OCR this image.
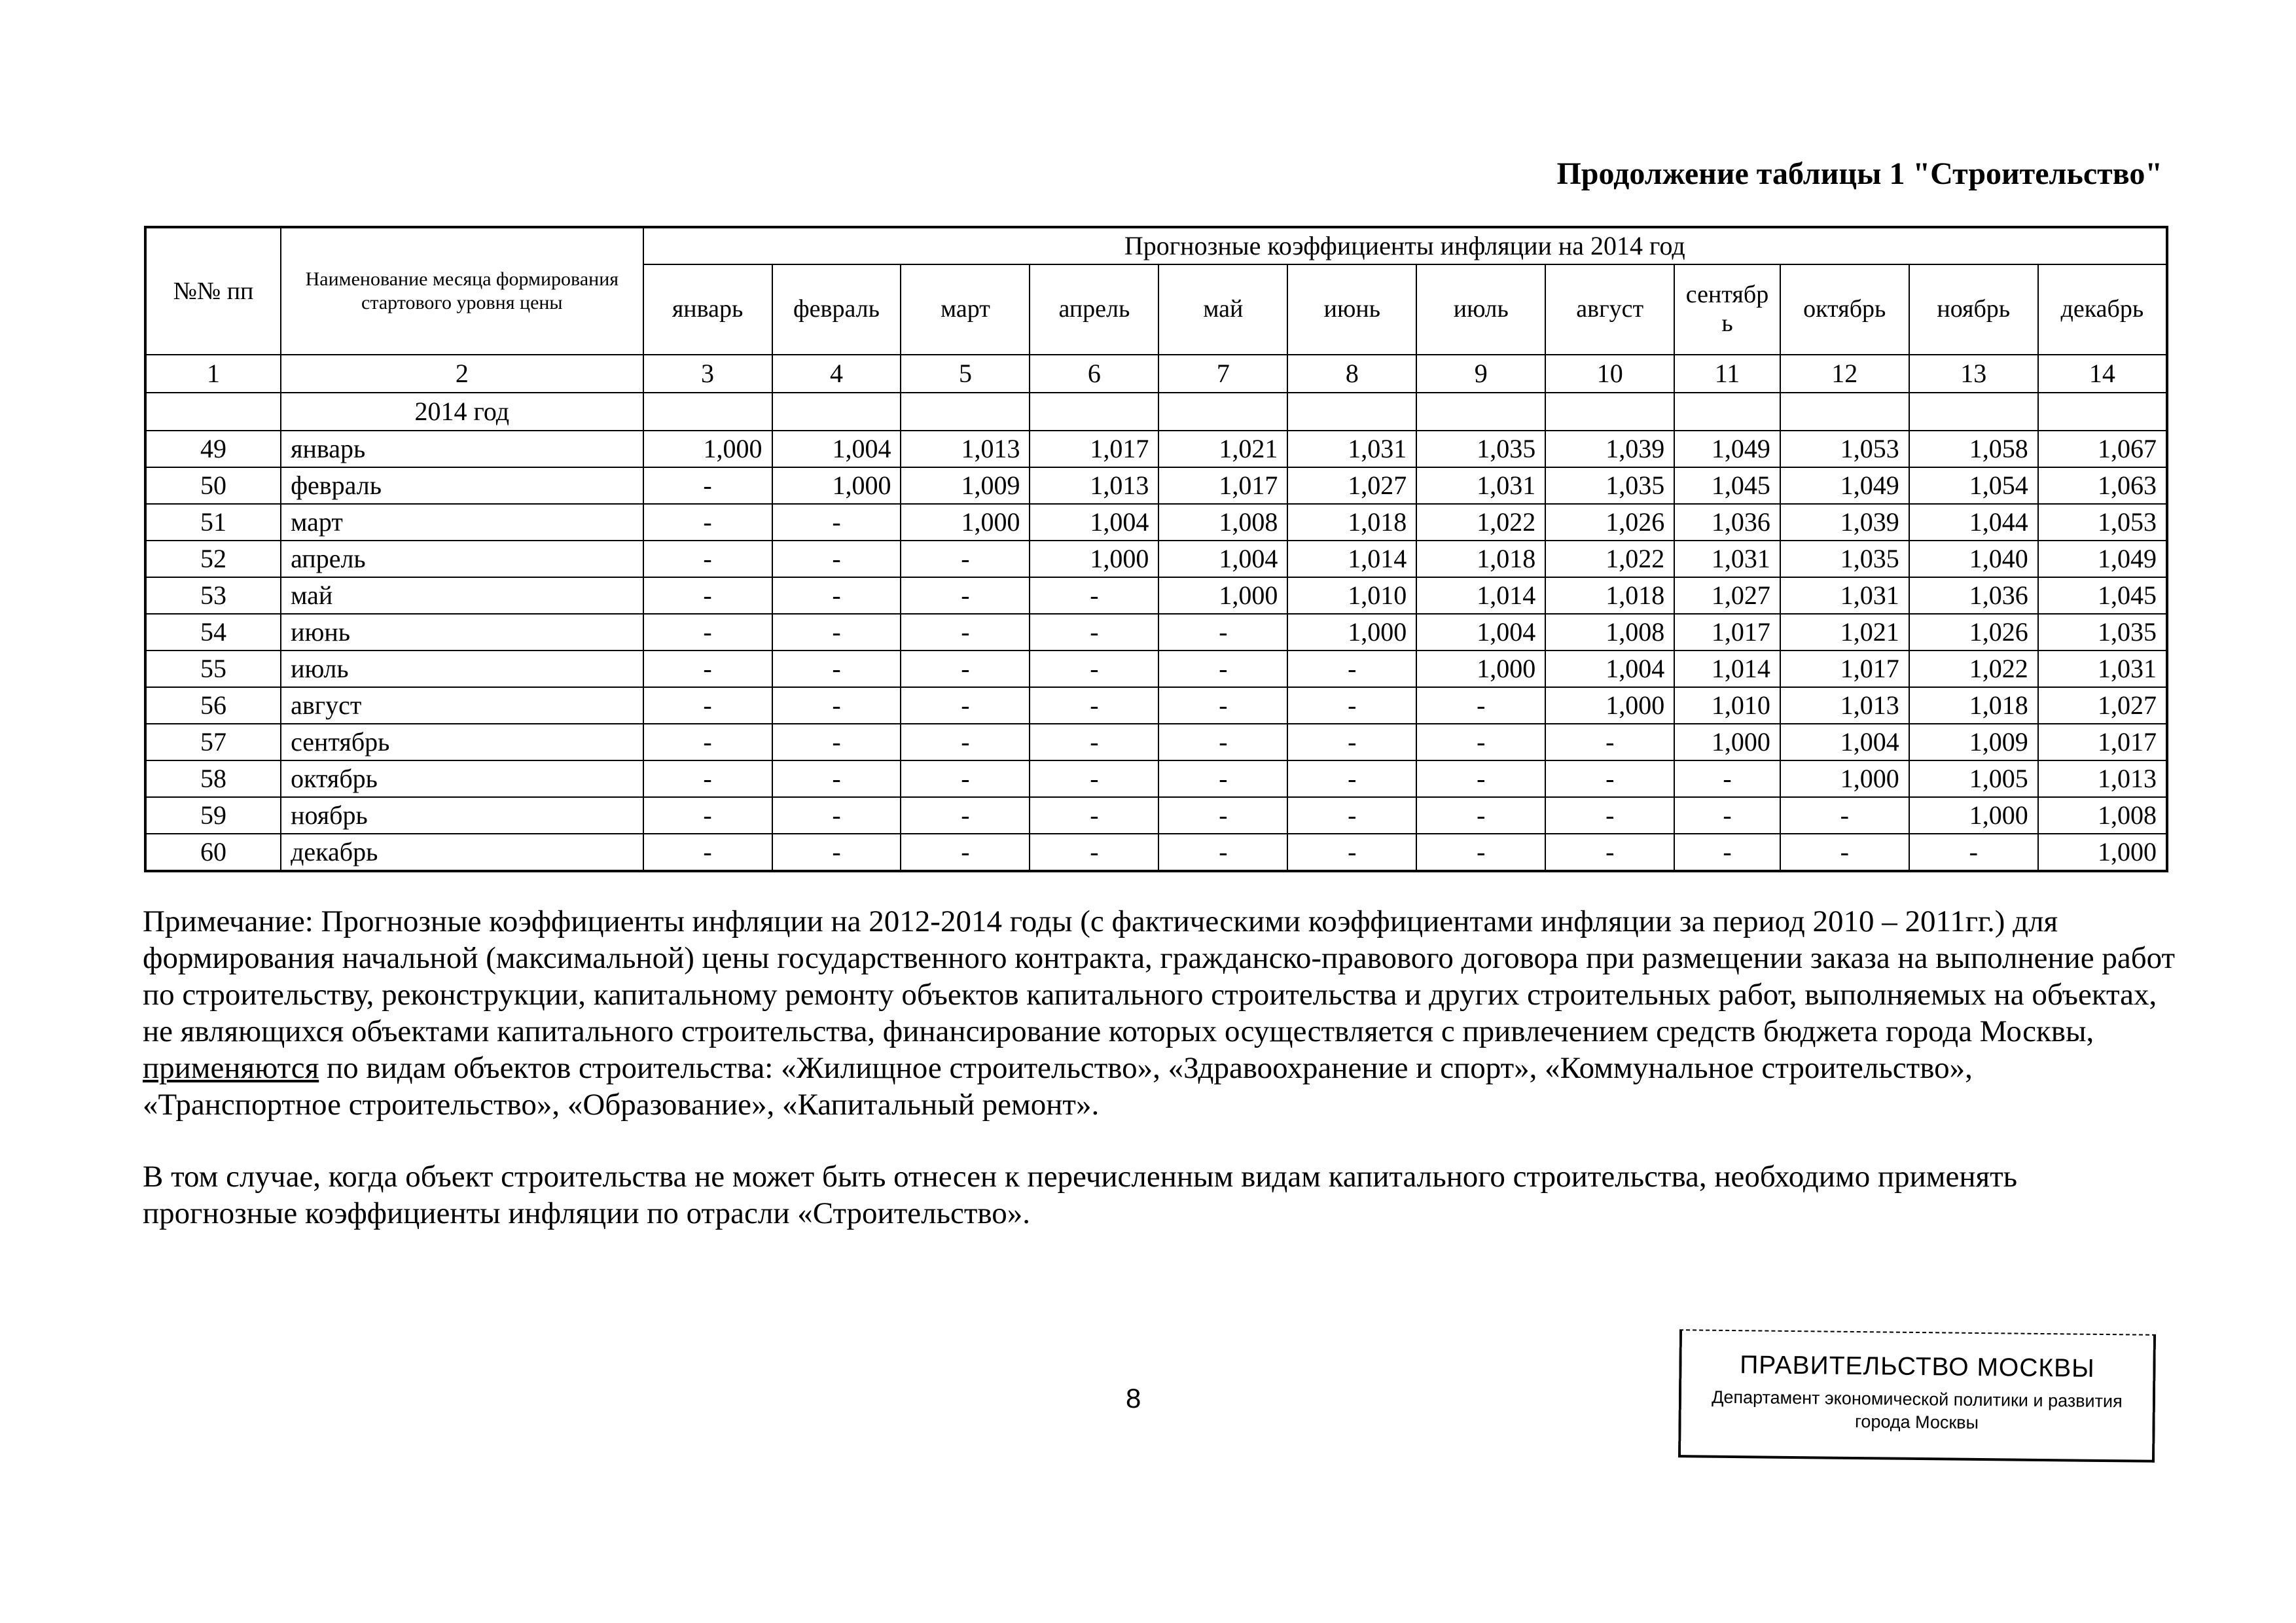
Продолжение таблицы 1 "Строительство"
№№ пп	Наименование месяца формирования стартового уровня цены	Прогнозные коэффициенты инфляции на 2014 год											
		январь	февраль	март	апрель	май	июнь	июль	август	сентябр ь	октябрь	ноябрь	декабрь
1	2	3	4	5	6	7	8	9	10	11	12	13	14
	2014 год												
49	январь	1,000	1,004	1,013	1,017	1,021	1,031	1,035	1,039	1,049	1,053	1,058	1,067
50	февраль	-	1,000	1,009	1,013	1,017	1,027	1,031	1,035	1,045	1,049	1,054	1,063
51	март	-	-	1,000	1,004	1,008	1,018	1,022	1,026	1,036	1,039	1,044	1,053
52	апрель	-	-	-	1,000	1,004	1,014	1,018	1,022	1,031	1,035	1,040	1,049
53	май	-	-	-	-	1,000	1,010	1,014	1,018	1,027	1,031	1,036	1,045
54	июнь	-	-	-	-	-	1,000	1,004	1,008	1,017	1,021	1,026	1,035
55	июль	-	-	-	-	-	-	1,000	1,004	1,014	1,017	1,022	1,031
56	август	-	-	-	-	-	-	-	1,000	1,010	1,013	1,018	1,027
57	сентябрь	-	-	-	-	-	-	-	-	1,000	1,004	1,009	1,017
58	октябрь	-	-	-	-	-	-	-	-	-	1,000	1,005	1,013
59	ноябрь	-	-	-	-	-	-	-	-	-	-	1,000	1,008
60	декабрь	-	-	-	-	-	-	-	-	-	-	-	1,000
Примечание: Прогнозные коэффициенты инфляции на 2012-2014 годы (с фактическими коэффициентами инфляции за период 2010 – 2011гг.) для формирования начальной (максимальной) цены государственного контракта, гражданско-правового договора при размещении заказа на выполнение работ по строительству, реконструкции, капитальному ремонту объектов капитального строительства и других строительных работ, выполняемых на объектах, не являющихся объектами капитального строительства, финансирование которых осуществляется с привлечением средств бюджета города Москвы, применяются по видам объектов строительства: «Жилищное строительство», «Здравоохранение и спорт», «Коммунальное строительство», «Транспортное строительство», «Образование», «Капитальный ремонт».
В том случае, когда объект строительства не может быть отнесен к перечисленным видам капитального строительства, необходимо применять прогнозные коэффициенты инфляции по отрасли «Строительство».
8
ПРАВИТЕЛЬСТВО МОСКВЫ
Департамент экономической политики и развития
города Москвы
